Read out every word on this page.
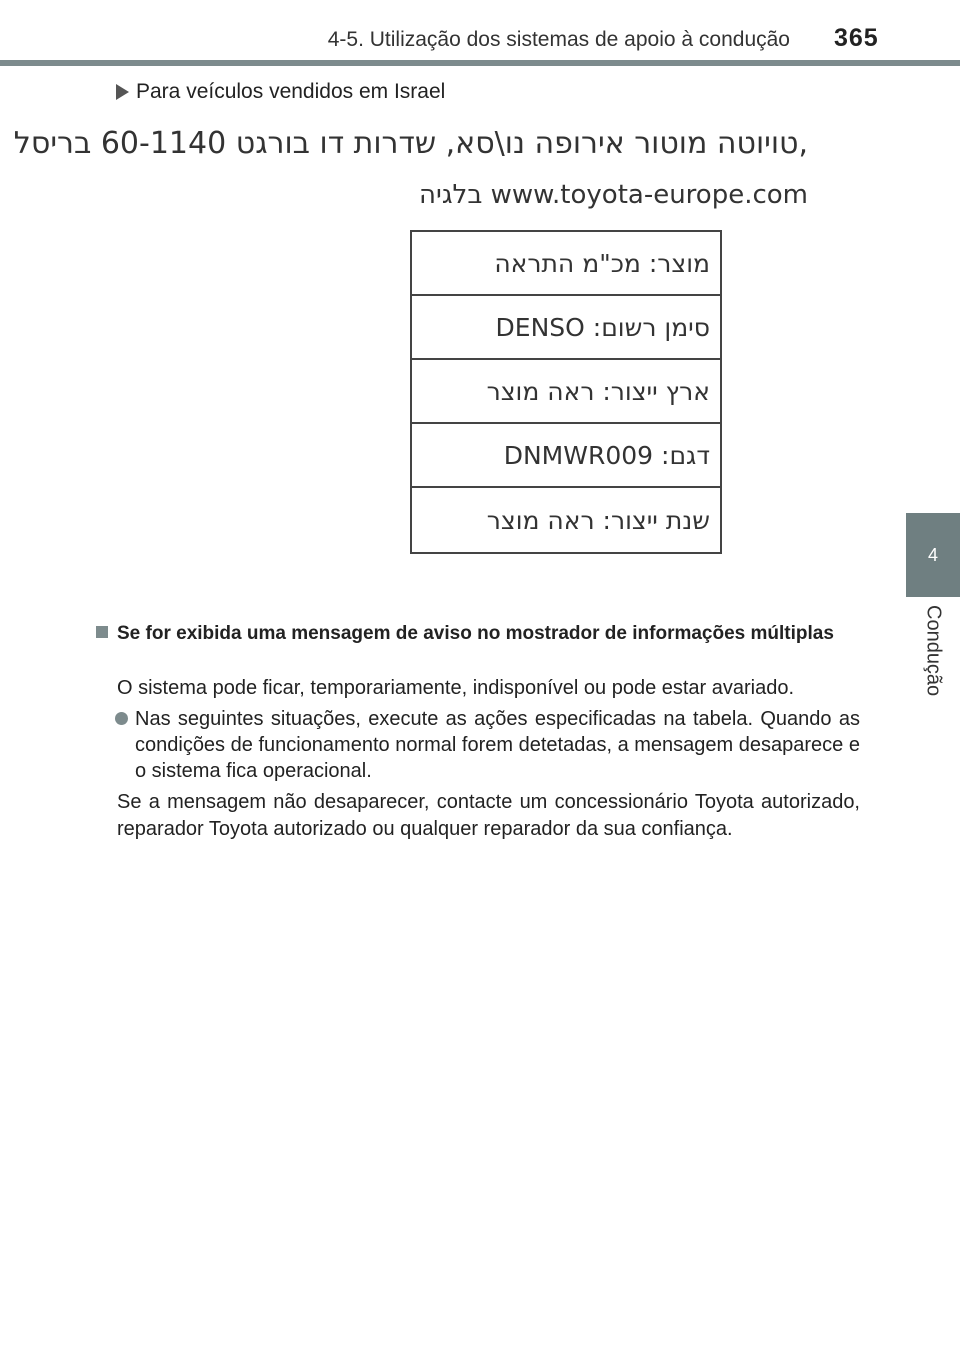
4-5. Utilização dos sistemas de apoio à condução 365
4
Condução
Para veículos vendidos em Israel
,טויוטה מוטור אירופה נו\סא, שדרות דו בורגט 60-1140 בריסל
www.toyota-europe.com בלגיה
מוצר: מכ"מ התראה
סימן רשום: DENSO
ארץ ייצור: ראה מוצר
דגם: DNMWR009
שנת ייצור: ראה מוצר
Se for exibida uma mensagem de aviso no mostrador de informações múltiplas
O sistema pode ficar, temporariamente, indisponível ou pode estar avariado.
Nas seguintes situações, execute as ações especificadas na tabela. Quando as condições de funcionamento normal forem detetadas, a mensagem desaparece e o sistema fica operacional.
Se a mensagem não desaparecer, contacte um concessionário Toyota autorizado, reparador Toyota autorizado ou qualquer reparador da sua confiança.
